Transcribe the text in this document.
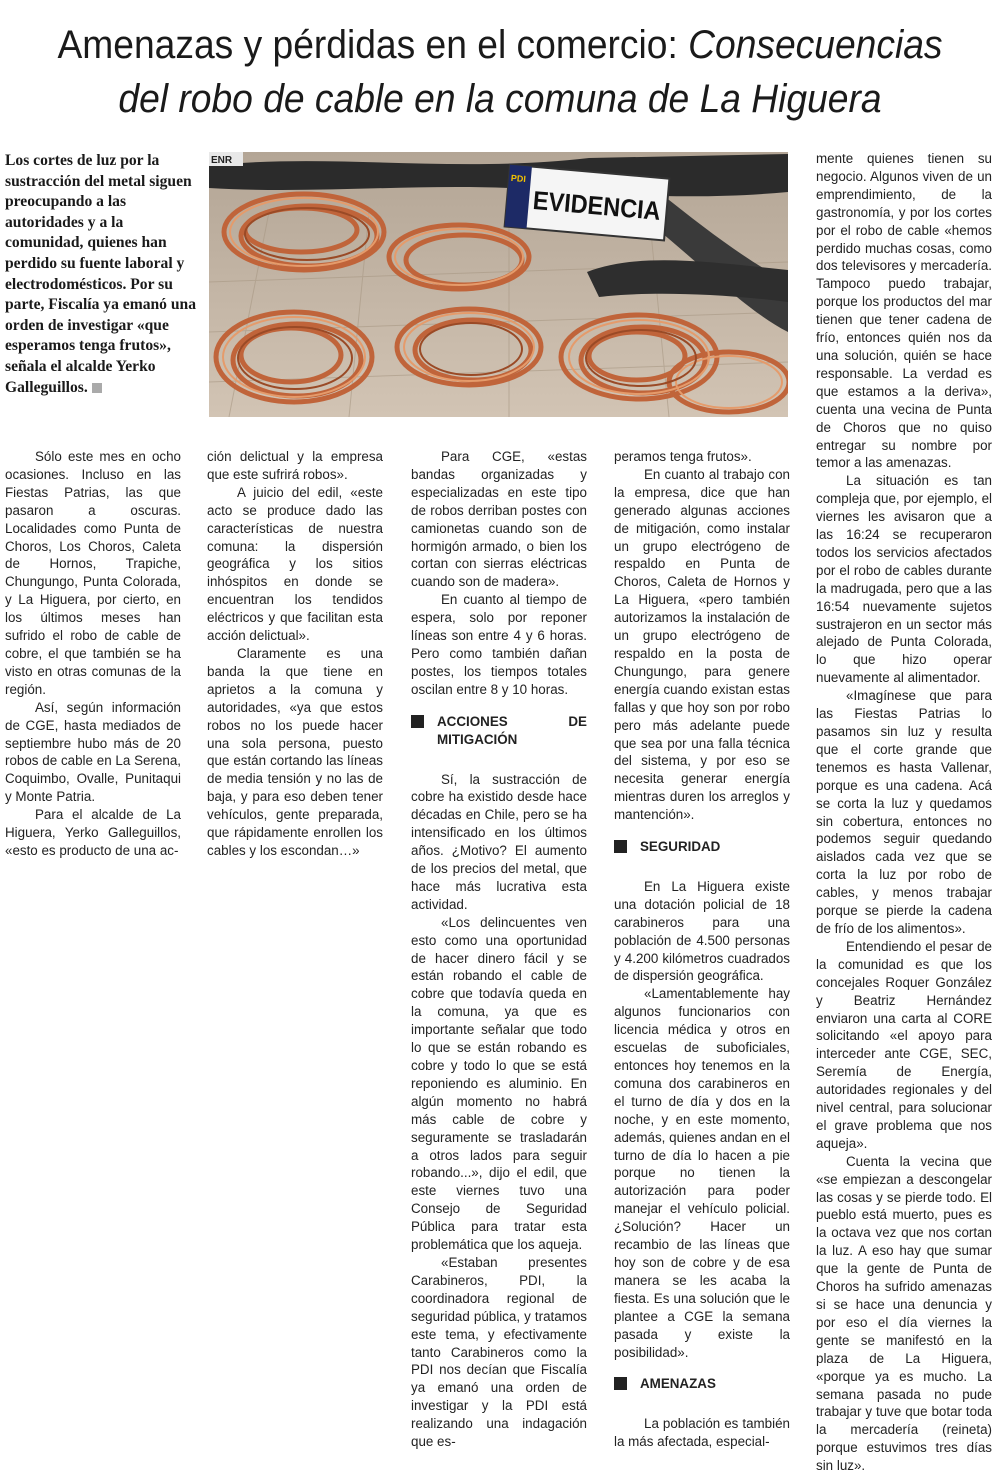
Amenazas y pérdidas en el comercio: Consecuencias
del robo de cable en la comuna de La Higuera
Los cortes de luz por la sustracción del metal siguen preocupando a las autoridades y a la comunidad, quienes han perdido su fuente laboral y electrodomésticos. Por su parte, Fiscalía ya emanó una orden de investigar «que esperamos tenga frutos», señala el alcalde Yerko Galleguillos.
ENR
PDI
EVIDENCIA

Sólo este mes en ocho ocasiones. Incluso en las Fiestas Patrias, las que pasaron a oscuras. Localidades como Punta de Choros, Los Choros, Caleta de Hornos, Trapiche, Chungungo, Punta Colorada, y La Higuera, por cierto, en los últimos meses han sufrido el robo de cable de cobre, el que también se ha visto en otras comunas de la región.

Así, según información de CGE, hasta mediados de septiembre hubo más de 20 robos de cable en La Serena, Coquimbo, Ovalle, Punitaqui y Monte Patria.

Para el alcalde de La Higuera, Yerko Galleguillos, «esto es producto de una ac-

ción delictual y la empresa que este sufrirá robos».

A juicio del edil, «este acto se produce dado las características de nuestra comuna: la dispersión geográfica y los sitios inhóspitos en donde se encuentran los tendidos eléctricos y que facilitan esta acción delictual».

Claramente es una banda la que tiene en aprietos a la comuna y autoridades, «ya que estos robos no los puede hacer una sola persona, puesto que están cortando las líneas de media tensión y no las de baja, y para eso deben tener vehículos, gente preparada, que rápidamente enrollen los cables y los escondan…»

Para CGE, «estas bandas organizadas y especializadas en este tipo de robos derriban postes con camionetas cuando son de hormigón armado, o bien los cortan con sierras eléctricas cuando son de madera».

En cuanto al tiempo de espera, solo por reponer líneas son entre 4 y 6 horas. Pero como también dañan postes, los tiempos totales oscilan entre 8 y 10 horas.

ACCIONES DE MITIGACIÓN

Sí, la sustracción de cobre ha existido desde hace décadas en Chile, pero se ha intensificado en los últimos años. ¿Motivo? El aumento de los precios del metal, que hace más lucrativa esta actividad.

«Los delincuentes ven esto como una oportunidad de hacer dinero fácil y se están robando el cable de cobre que todavía queda en la comuna, ya que es importante señalar que todo lo que se están robando es cobre y todo lo que se está reponiendo es aluminio. En algún momento no habrá más cable de cobre y seguramente se trasladarán a otros lados para seguir robando...», dijo el edil, que este viernes tuvo una Consejo de Seguridad Pública para tratar esta problemática que los aqueja.

«Estaban presentes Carabineros, PDI, la coordinadora regional de seguridad pública, y tratamos este tema, y efectivamente tanto Carabineros como la PDI nos decían que Fiscalía ya emanó una orden de investigar y la PDI está realizando una indagación que es-

peramos tenga frutos».

En cuanto al trabajo con la empresa, dice que han generado algunas acciones de mitigación, como instalar un grupo electrógeno de respaldo en Punta de Choros, Caleta de Hornos y La Higuera, «pero también autorizamos la instalación de un grupo electrógeno de respaldo en la posta de Chungungo, para genere energía cuando existan estas fallas y que hoy son por robo pero más adelante puede que sea por una falla técnica del sistema, y por eso se necesita generar energía mientras duren los arreglos y mantención».

SEGURIDAD

En La Higuera existe una dotación policial de 18 carabineros para una población de 4.500 personas y 4.200 kilómetros cuadrados de dispersión geográfica.

«Lamentablemente hay algunos funcionarios con licencia médica y otros en escuelas de suboficiales, entonces hoy tenemos en la comuna dos carabineros en el turno de día y dos en la noche, y en este momento, además, quienes andan en el turno de día lo hacen a pie porque no tienen la autorización para poder manejar el vehículo policial. ¿Solución? Hacer un recambio de las líneas que hoy son de cobre y de esa manera se les acaba la fiesta. Es una solución que le plantee a CGE la semana pasada y existe la posibilidad».

AMENAZAS

La población es también la más afectada, especial-

mente quienes tienen su negocio. Algunos viven de un emprendimiento, de la gastronomía, y por los cortes por el robo de cable «hemos perdido muchas cosas, como dos televisores y mercadería. Tampoco puedo trabajar, porque los productos del mar tienen que tener cadena de frío, entonces quién nos da una solución, quién se hace responsable. La verdad es que estamos a la deriva», cuenta una vecina de Punta de Choros que no quiso entregar su nombre por temor a las amenazas.

La situación es tan compleja que, por ejemplo, el viernes les avisaron que a las 16:24 se recuperaron todos los servicios afectados por el robo de cables durante la madrugada, pero que a las 16:54 nuevamente sujetos sustrajeron en un sector más alejado de Punta Colorada, lo que hizo operar nuevamente al alimentador.

«Imagínese que para las Fiestas Patrias lo pasamos sin luz y resulta que el corte grande que tenemos es hasta Vallenar, porque es una cadena. Acá se corta la luz y quedamos sin cobertura, entonces no podemos seguir quedando aislados cada vez que se corta la luz por robo de cables, y menos trabajar porque se pierde la cadena de frío de los alimentos».

Entendiendo el pesar de la comunidad es que los concejales Roquer González y Beatriz Hernández enviaron una carta al CORE solicitando «el apoyo para interceder ante CGE, SEC, Seremía de Energía, autoridades regionales y del nivel central, para solucionar el grave problema que nos aqueja».

Cuenta la vecina que «se empiezan a descongelar las cosas y se pierde todo. El pueblo está muerto, pues es la octava vez que nos cortan la luz. A eso hay que sumar que la gente de Punta de Choros ha sufrido amenazas si se hace una denuncia y por eso el día viernes la gente se manifestó en la plaza de La Higuera, «porque ya es mucho. La semana pasada no pude trabajar y tuve que botar toda la mercadería (reineta) porque estuvimos tres días sin luz».
